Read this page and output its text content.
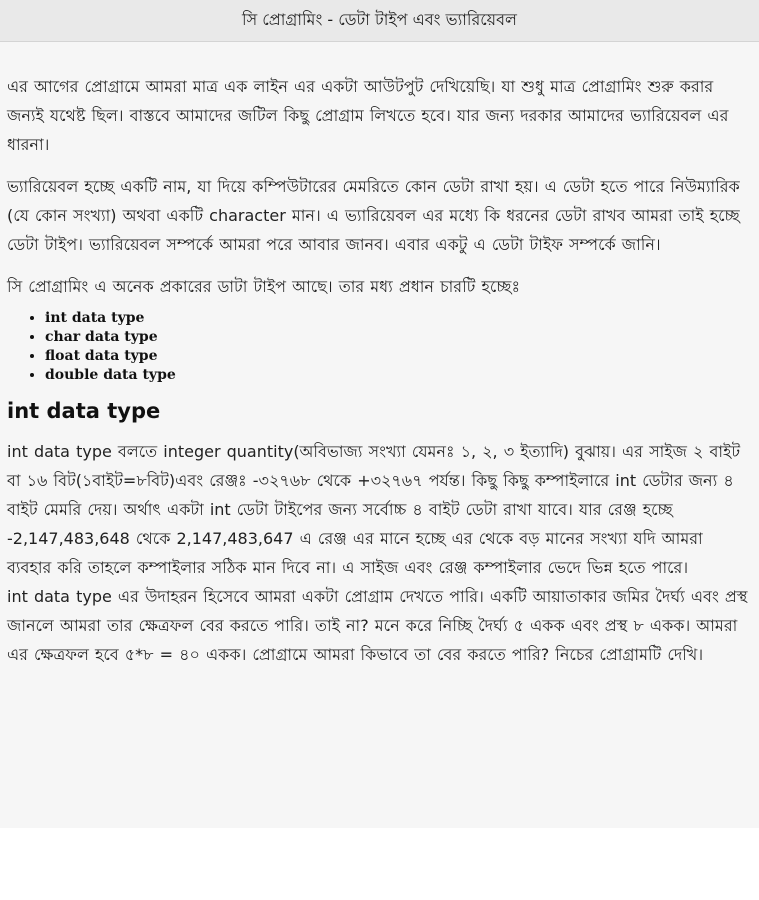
সি প্রোগ্রামিং - ডেটা টাইপ এবং ভ্যারিয়েবল

এর আগের প্রোগ্রামে আমরা মাত্র এক লাইন এর একটা আউটপুট দেখিয়েছি। যা শুধু মাত্র প্রোগ্রামিং শুরু করার জন্যই যথেষ্ট ছিল। বাস্তবে আমাদের জটিল কিছু প্রোগ্রাম লিখতে হবে। যার জন্য দরকার আমাদের ভ্যারিয়েবল এর ধারনা।

ভ্যারিয়েবল হচ্ছে একটি নাম, যা দিয়ে কম্পিউটারের মেমরিতে কোন ডেটা রাখা হয়। এ ডেটা হতে পারে নিউম্যারিক (যে কোন সংখ্যা) অথবা একটি character মান। এ ভ্যারিয়েবল এর মধ্যে কি ধরনের ডেটা রাখব আমরা তাই হচ্ছে ডেটা টাইপ। ভ্যারিয়েবল সম্পর্কে আমরা পরে আবার জানব। এবার একটু এ ডেটা টাইফ সম্পর্কে জানি।

সি প্রোগ্রামিং এ অনেক প্রকারের ডাটা টাইপ আছে। তার মধ্য প্রধান চারটি হচ্ছেঃ

• int data type
• char data type
• float data type
• double data type
int data type

int data type বলতে integer quantity(অবিভাজ্য সংখ্যা যেমনঃ ১, ২, ৩ ইত্যাদি) বুঝায়। এর সাইজ ২ বাইট বা ১৬ বিট(১বাইট=৮বিট)এবং রেঞ্জঃ -৩২৭৬৮ থেকে +৩২৭৬৭ পর্যন্ত। কিছু কিছু কম্পাইলারে int ডেটার জন্য ৪ বাইট মেমরি দেয়। অর্থাৎ একটা int ডেটা টাইপের জন্য সর্বোচ্চ ৪ বাইট ডেটা রাখা যাবে। যার রেঞ্জ হচ্ছে -2,147,483,648 থেকে 2,147,483,647 এ রেঞ্জ এর মানে হচ্ছে এর থেকে বড় মানের সংখ্যা যদি আমরা ব্যবহার করি তাহলে কম্পাইলার সঠিক মান দিবে না। এ সাইজ এবং রেঞ্জ কম্পাইলার ভেদে ভিন্ন হতে পারে।

int data type এর উদাহরন হিসেবে আমরা একটা প্রোগ্রাম দেখতে পারি। একটি আয়াতাকার জমির দৈর্ঘ্য এবং প্রস্থ জানলে আমরা তার ক্ষেত্রফল বের করতে পারি। তাই না? মনে করে নিচ্ছি দৈর্ঘ্য ৫ একক এবং প্রস্থ ৮ একক। আমরা এর ক্ষেত্রফল হবে ৫*৮ = ৪০ একক। প্রোগ্রামে আমরা কিভাবে তা বের করতে পারি? নিচের প্রোগ্রামটি দেখি।
